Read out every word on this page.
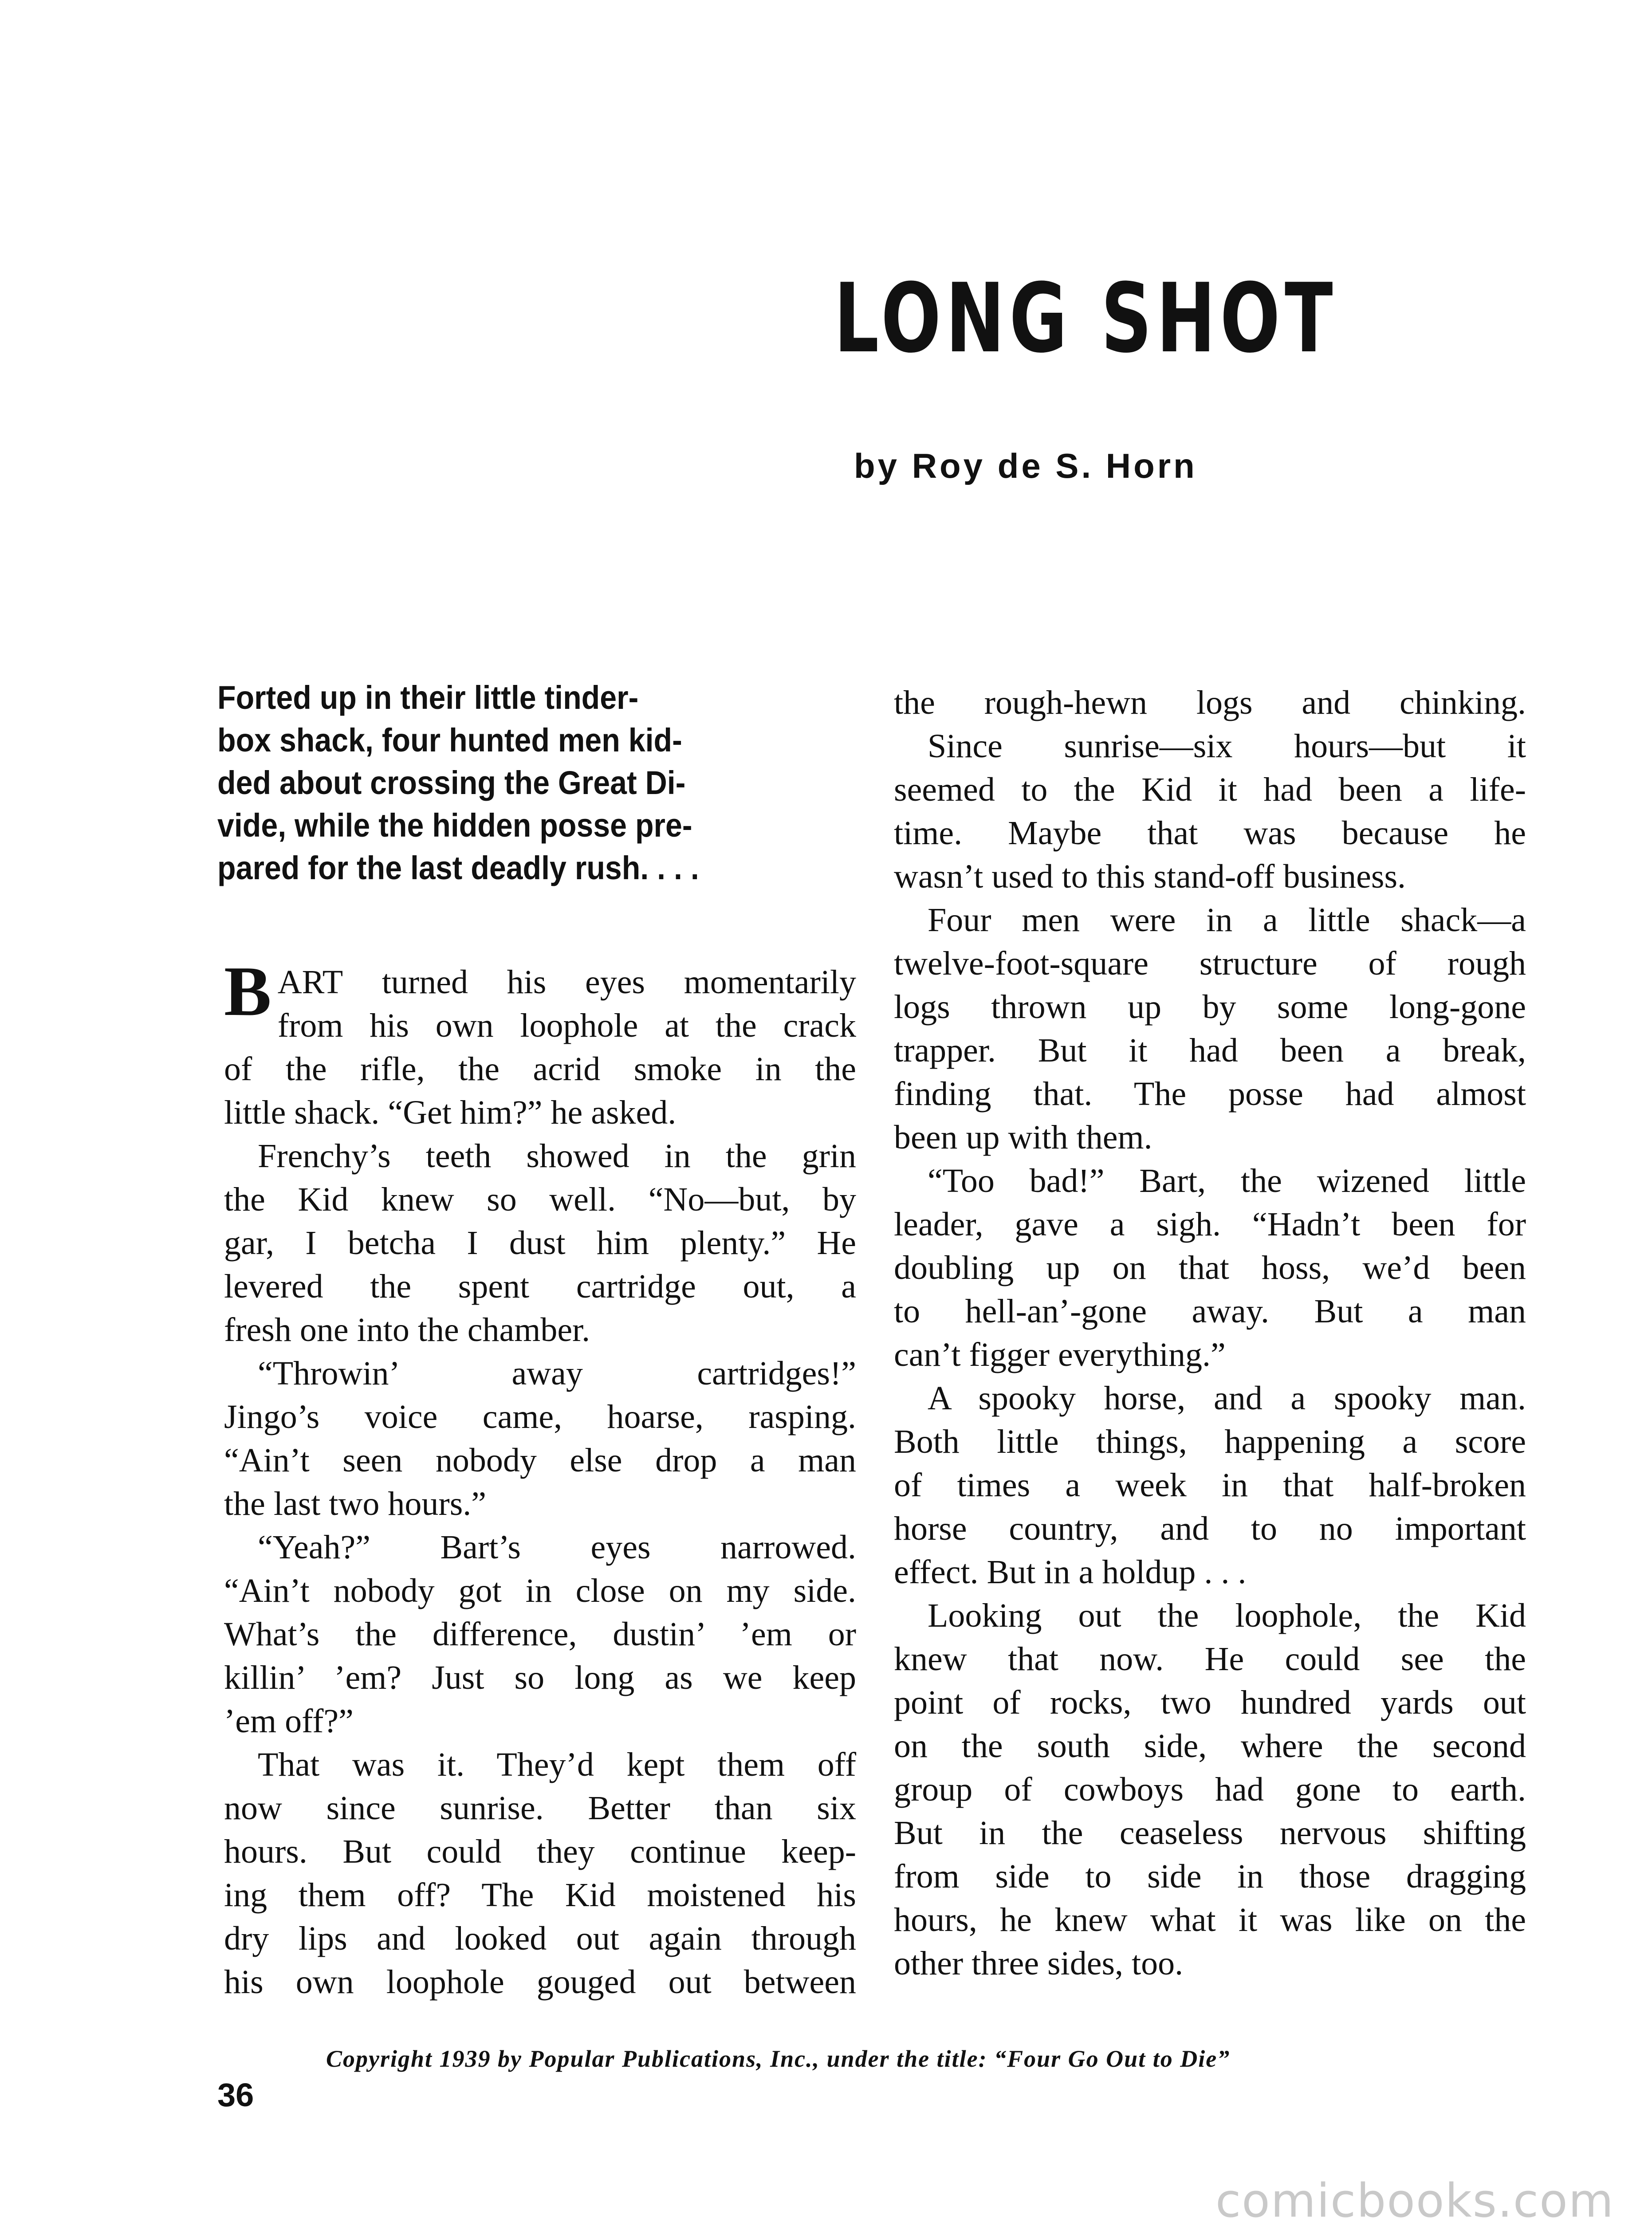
LONG SHOT
by Roy de S. Horn
Forted up in their little tinder-
box shack, four hunted men kid-
ded about crossing the Great Di-
vide, while the hidden posse pre-
pared for the last deadly rush. . . .
B ART turned his eyes momentarily
from his own loophole at the crack
of the rifle, the acrid smoke in the
little shack. “Get him?” he asked.
Frenchy’s teeth showed in the grin
the Kid knew so well. “No—but, by
gar, I betcha I dust him plenty.” He
levered the spent cartridge out, a
fresh one into the chamber.
“Throwin’ away cartridges!”
Jingo’s voice came, hoarse, rasping.
“Ain’t seen nobody else drop a man
the last two hours.”
“Yeah?” Bart’s eyes narrowed.
“Ain’t nobody got in close on my side.
What’s the difference, dustin’ ’em or
killin’ ’em? Just so long as we keep
’em off?”
That was it. They’d kept them off
now since sunrise. Better than six
hours. But could they continue keep-
ing them off? The Kid moistened his
dry lips and looked out again through
his own loophole gouged out between
the rough-hewn logs and chinking.
Since sunrise—six hours—but it
seemed to the Kid it had been a life-
time. Maybe that was because he
wasn’t used to this stand-off business.
Four men were in a little shack—a
twelve-foot-square structure of rough
logs thrown up by some long-gone
trapper. But it had been a break,
finding that. The posse had almost
been up with them.
“Too bad!” Bart, the wizened little
leader, gave a sigh. “Hadn’t been for
doubling up on that hoss, we’d been
to hell-an’-gone away. But a man
can’t figger everything.”
A spooky horse, and a spooky man.
Both little things, happening a score
of times a week in that half-broken
horse country, and to no important
effect. But in a holdup . . .
Looking out the loophole, the Kid
knew that now. He could see the
point of rocks, two hundred yards out
on the south side, where the second
group of cowboys had gone to earth.
But in the ceaseless nervous shifting
from side to side in those dragging
hours, he knew what it was like on the
other three sides, too.
Copyright 1939 by Popular Publications, Inc., under the title: “Four Go Out to Die”
36
comicbooks.com
